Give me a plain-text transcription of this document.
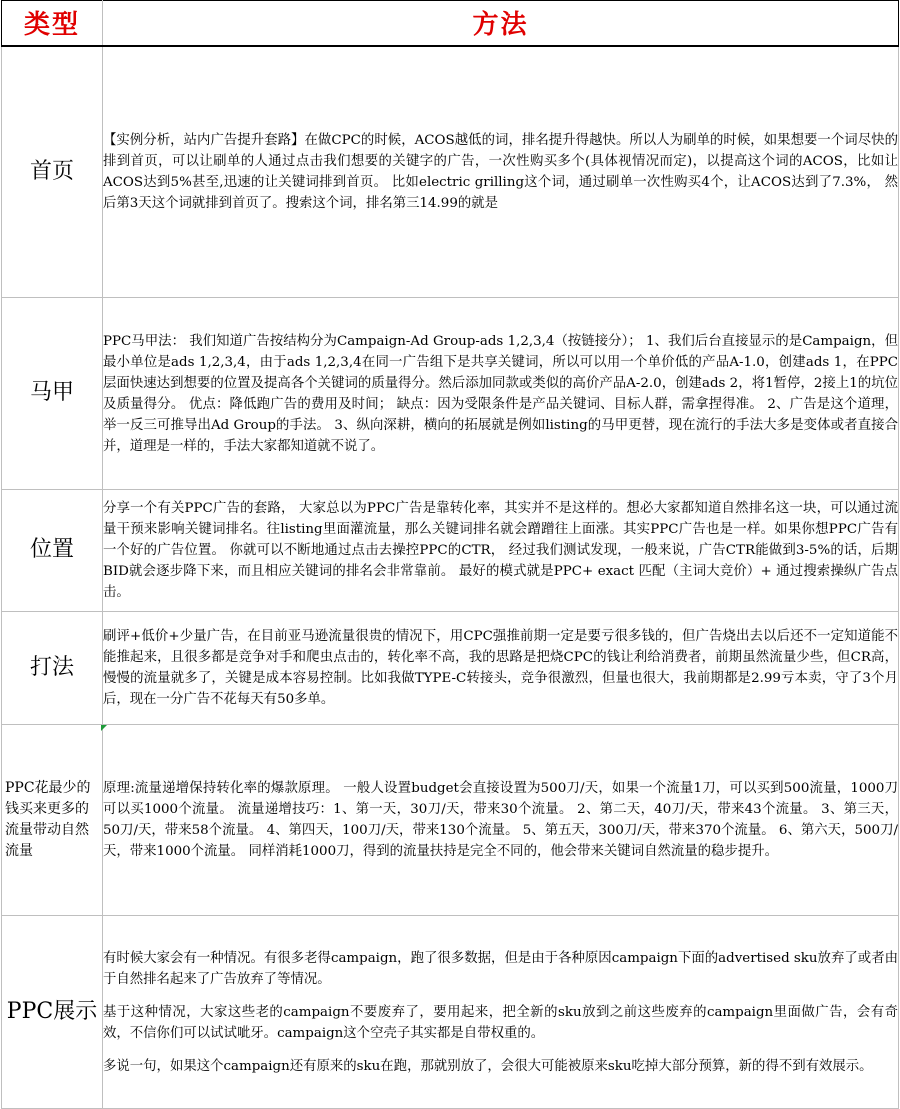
类型	方法
首页	【实例分析，站内广告提升套路】在做CPC的时候，ACOS越低的词，排名提升得越快。所以人为刷单的时候，如果想要一个词尽快的排到首页，可以让刷单的人通过点击我们想要的关键字的广告，一次性购买多个(具体视情况而定)，以提高这个词的ACOS，比如让ACOS达到5%甚至,迅速的让关键词排到首页。 比如electric grilling这个词，通过刷单一次性购买4个，让ACOS达到了7.3%， 然后第3天这个词就排到首页了。搜索这个词，排名第三14.99的就是

马甲	PPC马甲法： 我们知道广告按结构分为Campaign-Ad Group-ads 1,2,3,4（按链接分）； 1、我们后台直接显示的是Campaign，但最小单位是ads 1,2,3,4，由于ads 1,2,3,4在同一广告组下是共享关键词，所以可以用一个单价低的产品A-1.0，创建ads 1，在PPC层面快速达到想要的位置及提高各个关键词的质量得分。然后添加同款或类似的高价产品A-2.0，创建ads 2，将1暂停，2接上1的坑位及质量得分。 优点：降低跑广告的费用及时间； 缺点：因为受限条件是产品关键词、目标人群，需拿捏得准。 2、广告是这个道理，举一反三可推导出Ad Group的手法。 3、纵向深耕，横向的拓展就是例如listing的马甲更替，现在流行的手法大多是变体或者直接合并，道理是一样的，手法大家都知道就不说了。

位置	分享一个有关PPC广告的套路， 大家总以为PPC广告是靠转化率，其实并不是这样的。想必大家都知道自然排名这一块，可以通过流量干预来影响关键词排名。往listing里面灌流量，那么关键词排名就会蹭蹭往上面涨。其实PPC广告也是一样。如果你想PPC广告有一个好的广告位置。 你就可以不断地通过点击去操控PPC的CTR， 经过我们测试发现，一般来说，广告CTR能做到3-5%的话，后期BID就会逐步降下来，而且相应关键词的排名会非常靠前。 最好的模式就是PPC+ exact 匹配（主词大竞价）+ 通过搜索操纵广告点击。

打法	刷评+低价+少量广告，在目前亚马逊流量很贵的情况下，用CPC强推前期一定是要亏很多钱的，但广告烧出去以后还不一定知道能不能推起来，且很多都是竞争对手和爬虫点击的，转化率不高，我的思路是把烧CPC的钱让利给消费者，前期虽然流量少些，但CR高，慢慢的流量就多了，关键是成本容易控制。比如我做TYPE-C转接头，竞争很激烈，但量也很大，我前期都是2.99亏本卖，守了3个月后，现在一分广告不花每天有50多单。

PPC花最少的钱买来更多的流量带动自然流量	原理:流量递增保持转化率的爆款原理。 一般人设置budget会直接设置为500刀/天，如果一个流量1刀，可以买到500流量，1000刀可以买1000个流量。 流量递增技巧：1、第一天，30刀/天，带来30个流量。 2、第二天，40刀/天，带来43个流量。 3、第三天，50刀/天，带来58个流量。 4、第四天，100刀/天，带来130个流量。 5、第五天，300刀/天，带来370个流量。 6、第六天，500刀/天，带来1000个流量。 同样消耗1000刀，得到的流量扶持是完全不同的，他会带来关键词自然流量的稳步提升。

PPC展示	有时候大家会有一种情况。有很多老得campaign，跑了很多数据，但是由于各种原因campaign下面的advertised sku放弃了或者由于自然排名起来了广告放弃了等情况。

基于这种情况，大家这些老的campaign不要废弃了，要用起来，把全新的sku放到之前这些废弃的campaign里面做广告，会有奇效，不信你们可以试试呲牙。campaign这个空壳子其实都是自带权重的。

多说一句，如果这个campaign还有原来的sku在跑，那就别放了，会很大可能被原来sku吃掉大部分预算，新的得不到有效展示。
